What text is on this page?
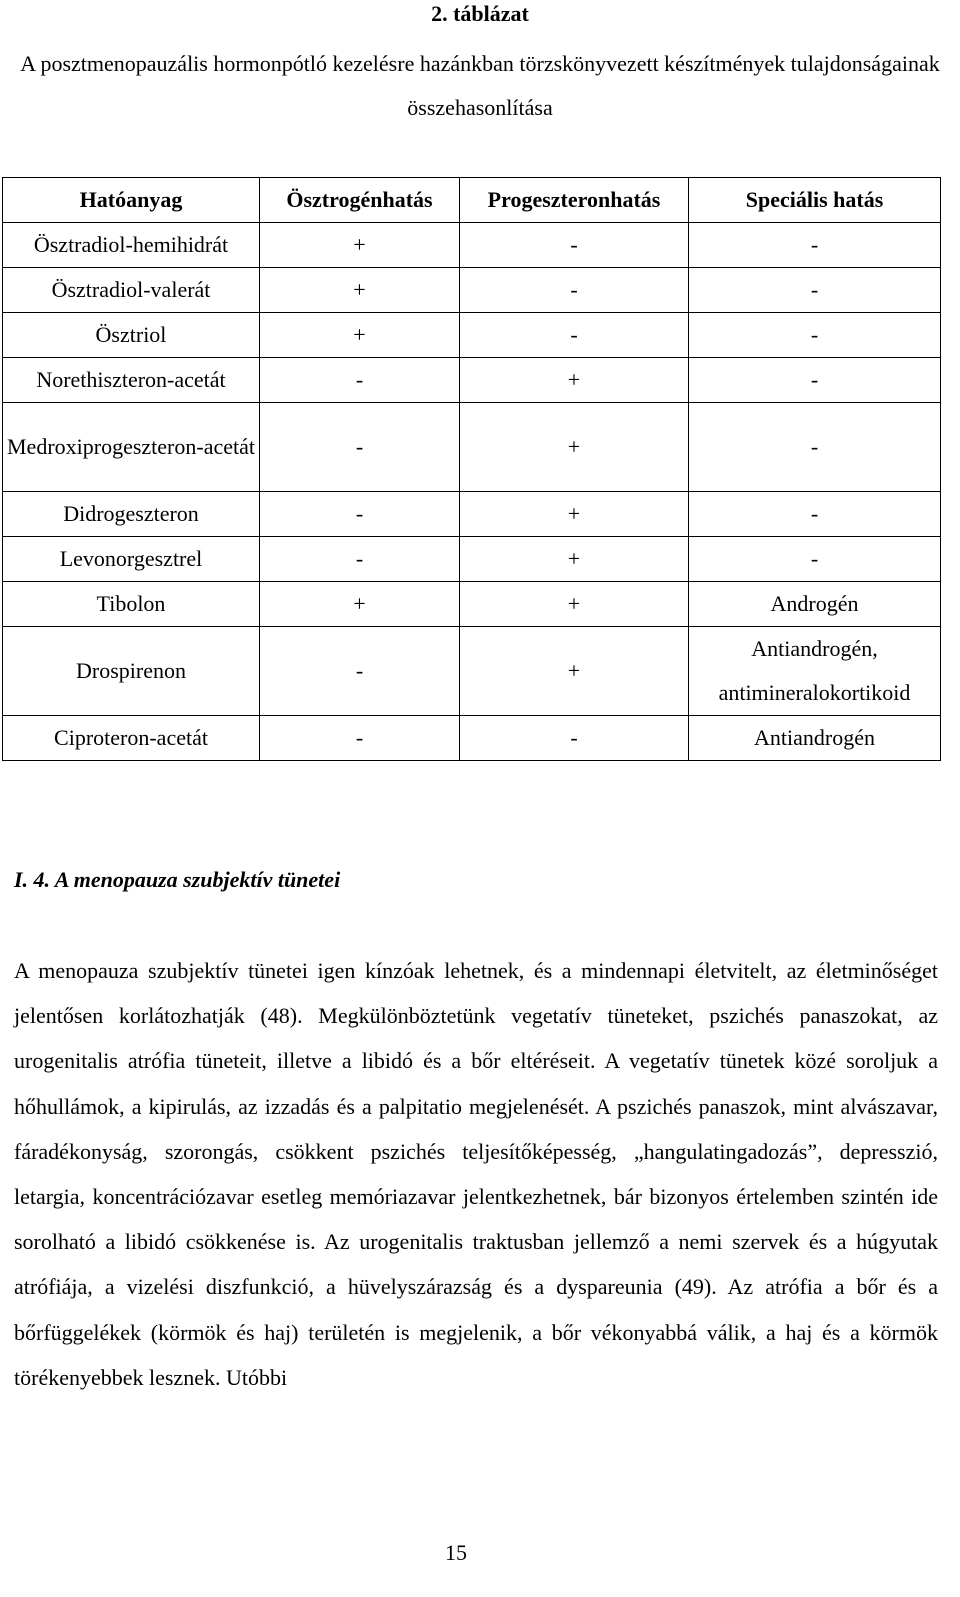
2. táblázat
A posztmenopauzális hormonpótló kezelésre hazánkban törzskönyvezett készítmények tulajdonságainak összehasonlítása
Hatóanyag	Ösztrogénhatás	Progeszteronhatás	Speciális hatás
Ösztradiol-hemihidrát	+	-	-
Ösztradiol-valerát	+	-	-
Ösztriol	+	-	-
Norethiszteron-acetát	-	+	-
Medroxiprogeszteron-acetát	-	+	-
Didrogeszteron	-	+	-
Levonorgesztrel	-	+	-
Tibolon	+	+	Androgén
Drospirenon	-	+	Antiandrogén, antimineralokortikoid
Ciproteron-acetát	-	-	Antiandrogén
I. 4. A menopauza szubjektív tünetei

A menopauza szubjektív tünetei igen kínzóak lehetnek, és a mindennapi életvitelt, az életminőséget jelentősen korlátozhatják (48). Megkülönböztetünk vegetatív tüneteket, pszichés panaszokat, az urogenitalis atrófia tüneteit, illetve a libidó és a bőr eltéréseit. A vegetatív tünetek közé soroljuk a hőhullámok, a kipirulás, az izzadás és a palpitatio megjelenését. A pszichés panaszok, mint alvászavar, fáradékonyság, szorongás, csökkent pszichés teljesítőképesség, „hangulatingadozás”, depresszió, letargia, koncentrációzavar esetleg memóriazavar jelentkezhetnek, bár bizonyos értelemben szintén ide sorolható a libidó csökkenése is. Az urogenitalis traktusban jellemző a nemi szervek és a húgyutak atrófiája, a vizelési diszfunkció, a hüvelyszárazság és a dyspareunia (49). Az atrófia a bőr és a bőrfüggelékek (körmök és haj) területén is megjelenik, a bőr vékonyabbá válik, a haj és a körmök törékenyebbek lesznek. Utóbbi

15
